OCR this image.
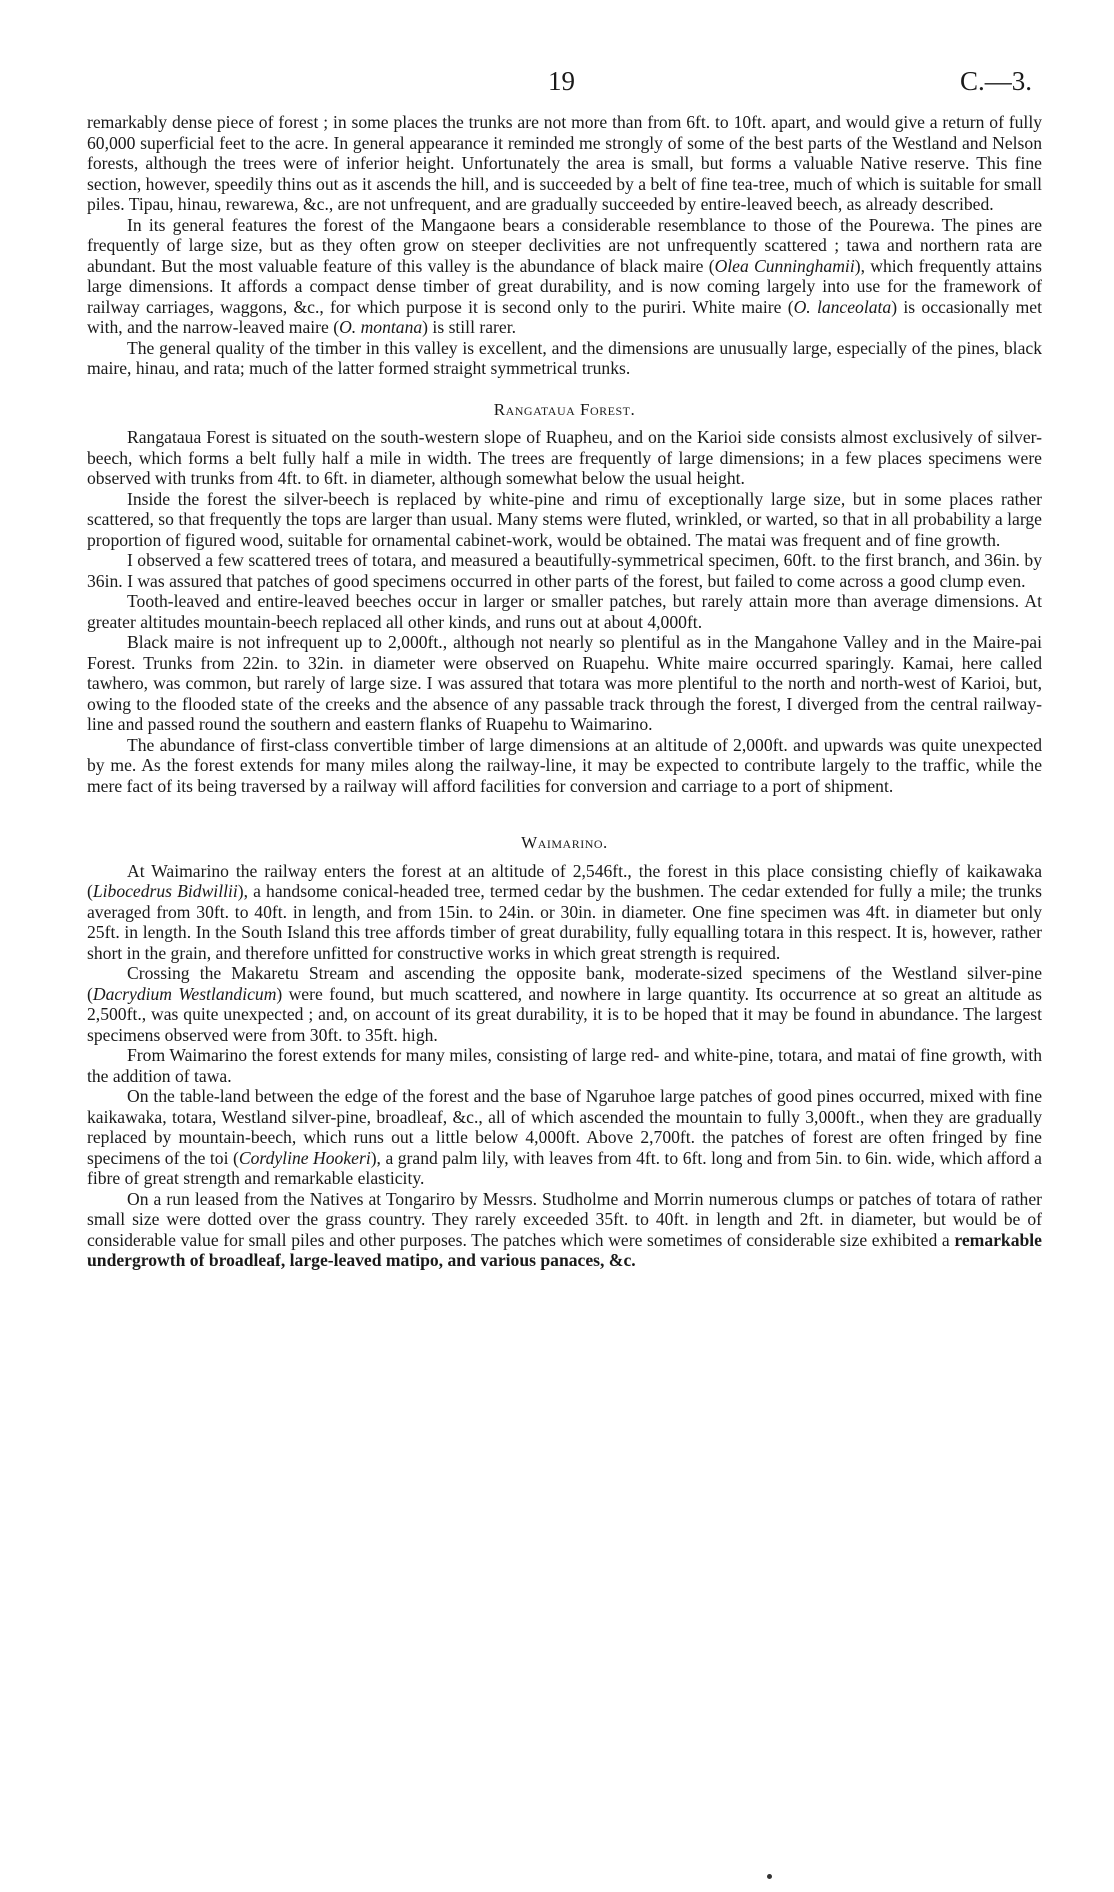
19	C.—3.

remarkably dense piece of forest ; in some places the trunks are not more than from 6ft. to 10ft. apart, and would give a return of fully 60,000 superficial feet to the acre. In general appearance it reminded me strongly of some of the best parts of the Westland and Nelson forests, although the trees were of inferior height. Unfortunately the area is small, but forms a valuable Native reserve. This fine section, however, speedily thins out as it ascends the hill, and is succeeded by a belt of fine tea-tree, much of which is suitable for small piles. Tipau, hinau, rewarewa, &c., are not unfrequent, and are gradually succeeded by entire-leaved beech, as already described.

In its general features the forest of the Mangaone bears a considerable resemblance to those of the Pourewa. The pines are frequently of large size, but as they often grow on steeper declivities are not unfrequently scattered ; tawa and northern rata are abundant. But the most valuable feature of this valley is the abundance of black maire (Olea Cunninghamii), which frequently attains large dimensions. It affords a compact dense timber of great durability, and is now coming largely into use for the framework of railway carriages, waggons, &c., for which purpose it is second only to the puriri. White maire (O. lanceolata) is occasionally met with, and the narrow-leaved maire (O. montana) is still rarer.

The general quality of the timber in this valley is excellent, and the dimensions are unusually large, especially of the pines, black maire, hinau, and rata; much of the latter formed straight symmetrical trunks.

Rangataua Forest.

Rangataua Forest is situated on the south-western slope of Ruapheu, and on the Karioi side consists almost exclusively of silver-beech, which forms a belt fully half a mile in width. The trees are frequently of large dimensions; in a few places specimens were observed with trunks from 4ft. to 6ft. in diameter, although somewhat below the usual height.

Inside the forest the silver-beech is replaced by white-pine and rimu of exceptionally large size, but in some places rather scattered, so that frequently the tops are larger than usual. Many stems were fluted, wrinkled, or warted, so that in all probability a large proportion of figured wood, suitable for ornamental cabinet-work, would be obtained. The matai was frequent and of fine growth.

I observed a few scattered trees of totara, and measured a beautifully-symmetrical specimen, 60ft. to the first branch, and 36in. by 36in. I was assured that patches of good specimens occurred in other parts of the forest, but failed to come across a good clump even.

Tooth-leaved and entire-leaved beeches occur in larger or smaller patches, but rarely attain more than average dimensions. At greater altitudes mountain-beech replaced all other kinds, and runs out at about 4,000ft.

Black maire is not infrequent up to 2,000ft., although not nearly so plentiful as in the Mangahone Valley and in the Maire-pai Forest. Trunks from 22in. to 32in. in diameter were observed on Ruapehu. White maire occurred sparingly. Kamai, here called tawhero, was common, but rarely of large size. I was assured that totara was more plentiful to the north and north-west of Karioi, but, owing to the flooded state of the creeks and the absence of any passable track through the forest, I diverged from the central railway-line and passed round the southern and eastern flanks of Ruapehu to Waimarino.

The abundance of first-class convertible timber of large dimensions at an altitude of 2,000ft. and upwards was quite unexpected by me. As the forest extends for many miles along the railway-line, it may be expected to contribute largely to the traffic, while the mere fact of its being traversed by a railway will afford facilities for conversion and carriage to a port of shipment.

Waimarino.

At Waimarino the railway enters the forest at an altitude of 2,546ft., the forest in this place consisting chiefly of kaikawaka (Libocedrus Bidwillii), a handsome conical-headed tree, termed cedar by the bushmen. The cedar extended for fully a mile; the trunks averaged from 30ft. to 40ft. in length, and from 15in. to 24in. or 30in. in diameter. One fine specimen was 4ft. in diameter but only 25ft. in length. In the South Island this tree affords timber of great durability, fully equalling totara in this respect. It is, however, rather short in the grain, and therefore unfitted for constructive works in which great strength is required.

Crossing the Makaretu Stream and ascending the opposite bank, moderate-sized specimens of the Westland silver-pine (Dacrydium Westlandicum) were found, but much scattered, and nowhere in large quantity. Its occurrence at so great an altitude as 2,500ft., was quite unexpected ; and, on account of its great durability, it is to be hoped that it may be found in abundance. The largest specimens observed were from 30ft. to 35ft. high.

From Waimarino the forest extends for many miles, consisting of large red- and white-pine, totara, and matai of fine growth, with the addition of tawa.

On the table-land between the edge of the forest and the base of Ngaruhoe large patches of good pines occurred, mixed with fine kaikawaka, totara, Westland silver-pine, broadleaf, &c., all of which ascended the mountain to fully 3,000ft., when they are gradually replaced by mountain-beech, which runs out a little below 4,000ft. Above 2,700ft. the patches of forest are often fringed by fine specimens of the toi (Cordyline Hookeri), a grand palm lily, with leaves from 4ft. to 6ft. long and from 5in. to 6in. wide, which afford a fibre of great strength and remarkable elasticity.

On a run leased from the Natives at Tongariro by Messrs. Studholme and Morrin numerous clumps or patches of totara of rather small size were dotted over the grass country. They rarely exceeded 35ft. to 40ft. in length and 2ft. in diameter, but would be of considerable value for small piles and other purposes. The patches which were sometimes of considerable size exhibited a remarkable undergrowth of broadleaf, large-leaved matipo, and various panaces, &c.
